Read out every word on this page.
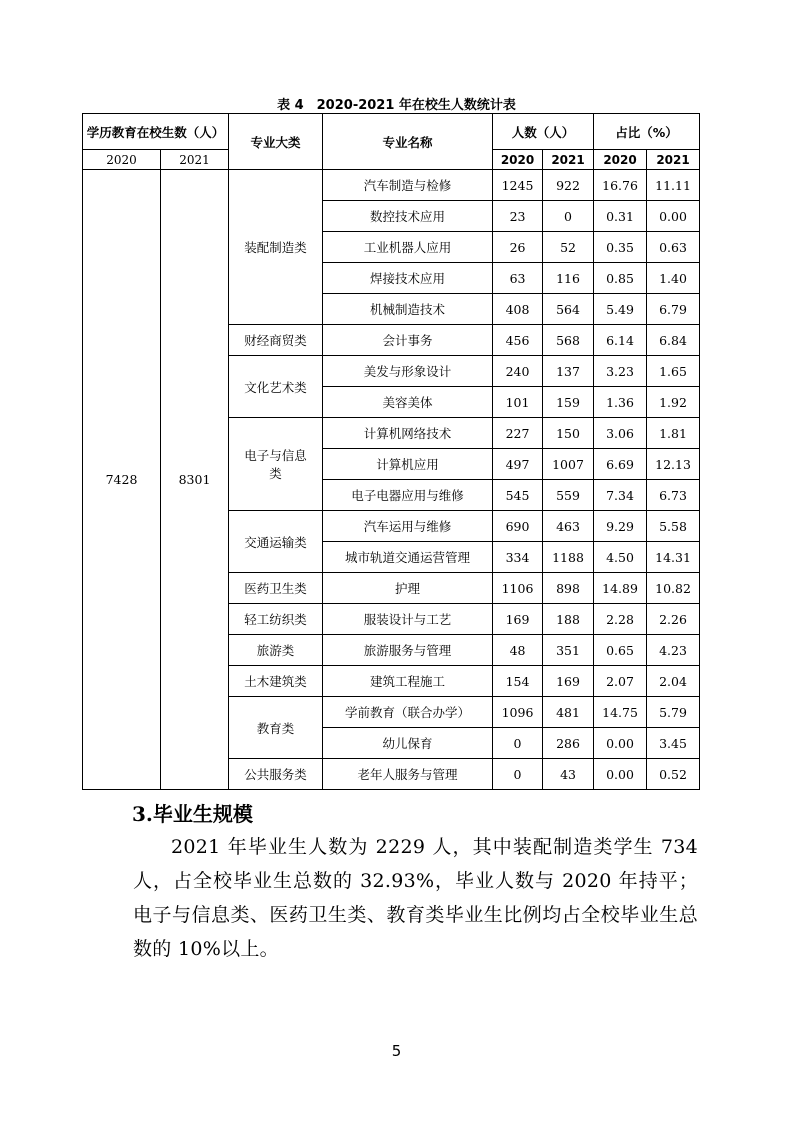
表 4　2020-2021 年在校生人数统计表
学历教育在校生数（人）		专业大类	专业名称	人数（人）		占比（%）	
2020	2021			2020	2021	2020	2021
7428	8301	装配制造类	汽车制造与检修	1245	922	16.76	11.11
			数控技术应用	23	0	0.31	0.00
			工业机器人应用	26	52	0.35	0.63
			焊接技术应用	63	116	0.85	1.40
			机械制造技术	408	564	5.49	6.79
		财经商贸类	会计事务	456	568	6.14	6.84
		文化艺术类	美发与形象设计	240	137	3.23	1.65
			美容美体	101	159	1.36	1.92
		电子与信息类	计算机网络技术	227	150	3.06	1.81
			计算机应用	497	1007	6.69	12.13
			电子电器应用与维修	545	559	7.34	6.73
		交通运输类	汽车运用与维修	690	463	9.29	5.58
			城市轨道交通运营管理	334	1188	4.50	14.31
		医药卫生类	护理	1106	898	14.89	10.82
		轻工纺织类	服装设计与工艺	169	188	2.28	2.26
		旅游类	旅游服务与管理	48	351	0.65	4.23
		土木建筑类	建筑工程施工	154	169	2.07	2.04
		教育类	学前教育（联合办学）	1096	481	14.75	5.79
			幼儿保育	0	286	0.00	3.45
		公共服务类	老年人服务与管理	0	43	0.00	0.52
3.毕业生规模
2021 年毕业生人数为 2229 人，其中装配制造类学生 734 人，占全校毕业生总数的 32.93%，毕业人数与 2020 年持平；电子与信息类、医药卫生类、教育类毕业生比例均占全校毕业生总数的 10%以上。
5
